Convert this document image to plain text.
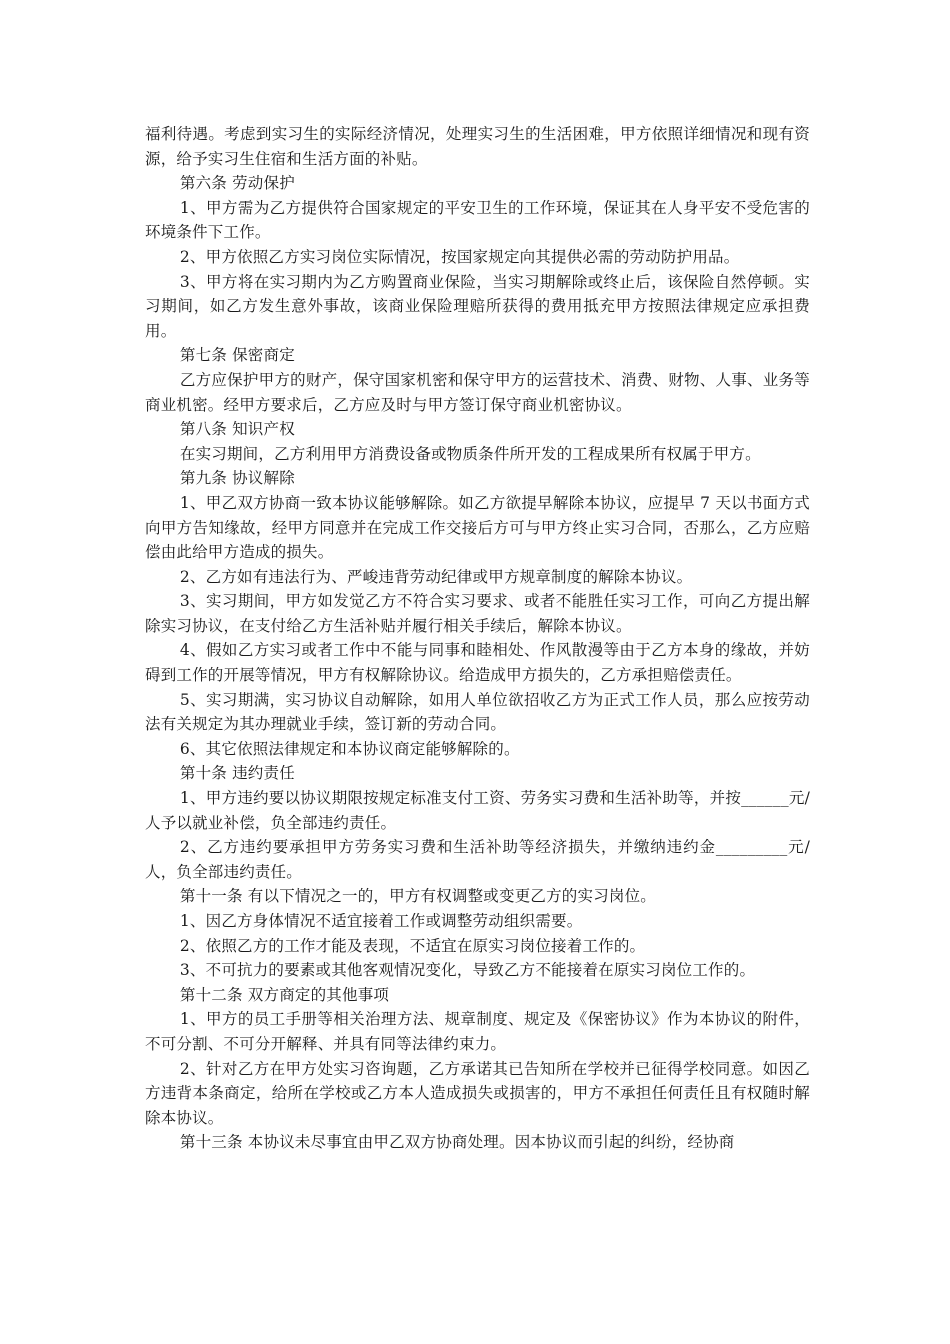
福利待遇。考虑到实习生的实际经济情况，处理实习生的生活困难，甲方依照详细情况和现有资源，给予实习生住宿和生活方面的补贴。

第六条 劳动保护

1、甲方需为乙方提供符合国家规定的平安卫生的工作环境，保证其在人身平安不受危害的环境条件下工作。

2、甲方依照乙方实习岗位实际情况，按国家规定向其提供必需的劳动防护用品。

3、甲方将在实习期内为乙方购置商业保险，当实习期解除或终止后，该保险自然停顿。实习期间，如乙方发生意外事故，该商业保险理赔所获得的费用抵充甲方按照法律规定应承担费用。

第七条 保密商定

乙方应保护甲方的财产，保守国家机密和保守甲方的运营技术、消费、财物、人事、业务等商业机密。经甲方要求后，乙方应及时与甲方签订保守商业机密协议。

第八条 知识产权

在实习期间，乙方利用甲方消费设备或物质条件所开发的工程成果所有权属于甲方。

第九条 协议解除

1、甲乙双方协商一致本协议能够解除。如乙方欲提早解除本协议，应提早 7 天以书面方式向甲方告知缘故，经甲方同意并在完成工作交接后方可与甲方终止实习合同，否那么，乙方应赔偿由此给甲方造成的损失。

2、乙方如有违法行为、严峻违背劳动纪律或甲方规章制度的解除本协议。

3、实习期间，甲方如发觉乙方不符合实习要求、或者不能胜任实习工作，可向乙方提出解除实习协议，在支付给乙方生活补贴并履行相关手续后，解除本协议。

4、假如乙方实习或者工作中不能与同事和睦相处、作风散漫等由于乙方本身的缘故，并妨碍到工作的开展等情况，甲方有权解除协议。给造成甲方损失的，乙方承担赔偿责任。

5、实习期满，实习协议自动解除，如用人单位欲招收乙方为正式工作人员，那么应按劳动法有关规定为其办理就业手续，签订新的劳动合同。

6、其它依照法律规定和本协议商定能够解除的。

第十条 违约责任

1、甲方违约要以协议期限按规定标准支付工资、劳务实习费和生活补助等，并按______元/人予以就业补偿，负全部违约责任。

2、乙方违约要承担甲方劳务实习费和生活补助等经济损失，并缴纳违约金_________元/人，负全部违约责任。

第十一条 有以下情况之一的，甲方有权调整或变更乙方的实习岗位。

1、因乙方身体情况不适宜接着工作或调整劳动组织需要。

2、依照乙方的工作才能及表现，不适宜在原实习岗位接着工作的。

3、不可抗力的要素或其他客观情况变化，导致乙方不能接着在原实习岗位工作的。

第十二条 双方商定的其他事项

1、甲方的员工手册等相关治理方法、规章制度、规定及《保密协议》作为本协议的附件，不可分割、不可分开解释、并具有同等法律约束力。

2、针对乙方在甲方处实习咨询题，乙方承诺其已告知所在学校并已征得学校同意。如因乙方违背本条商定，给所在学校或乙方本人造成损失或损害的，甲方不承担任何责任且有权随时解除本协议。

第十三条 本协议未尽事宜由甲乙双方协商处理。因本协议而引起的纠纷，经协商
